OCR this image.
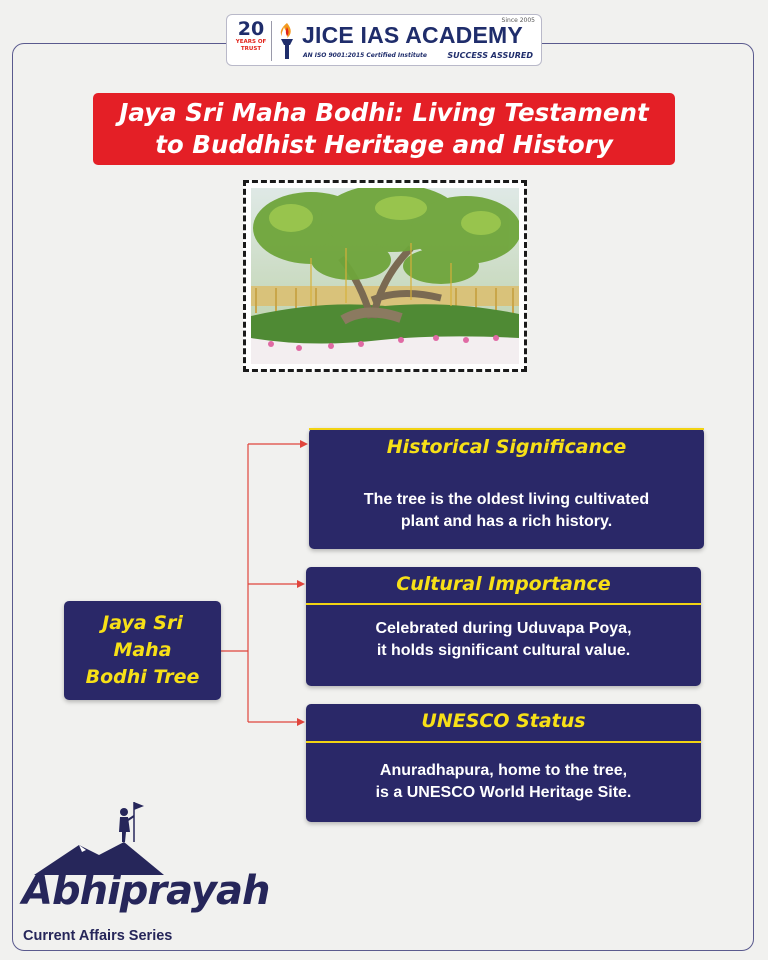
20
YEARS OF TRUST
JICE IAS ACADEMY
Since 2005
AN ISO 9001:2015 Certified Institute	SUCCESS ASSURED
Jaya Sri Maha Bodhi: Living Testament
to Buddhist Heritage and History
Jaya Sri
Maha
Bodhi Tree
Historical Significance
The tree is the oldest living cultivated
plant and has a rich history.
Cultural Importance
Celebrated during Uduvapa Poya,
it holds significant cultural value.
UNESCO Status
Anuradhapura, home to the tree,
is a UNESCO World Heritage Site.
Abhiprayah
Current Affairs Series
